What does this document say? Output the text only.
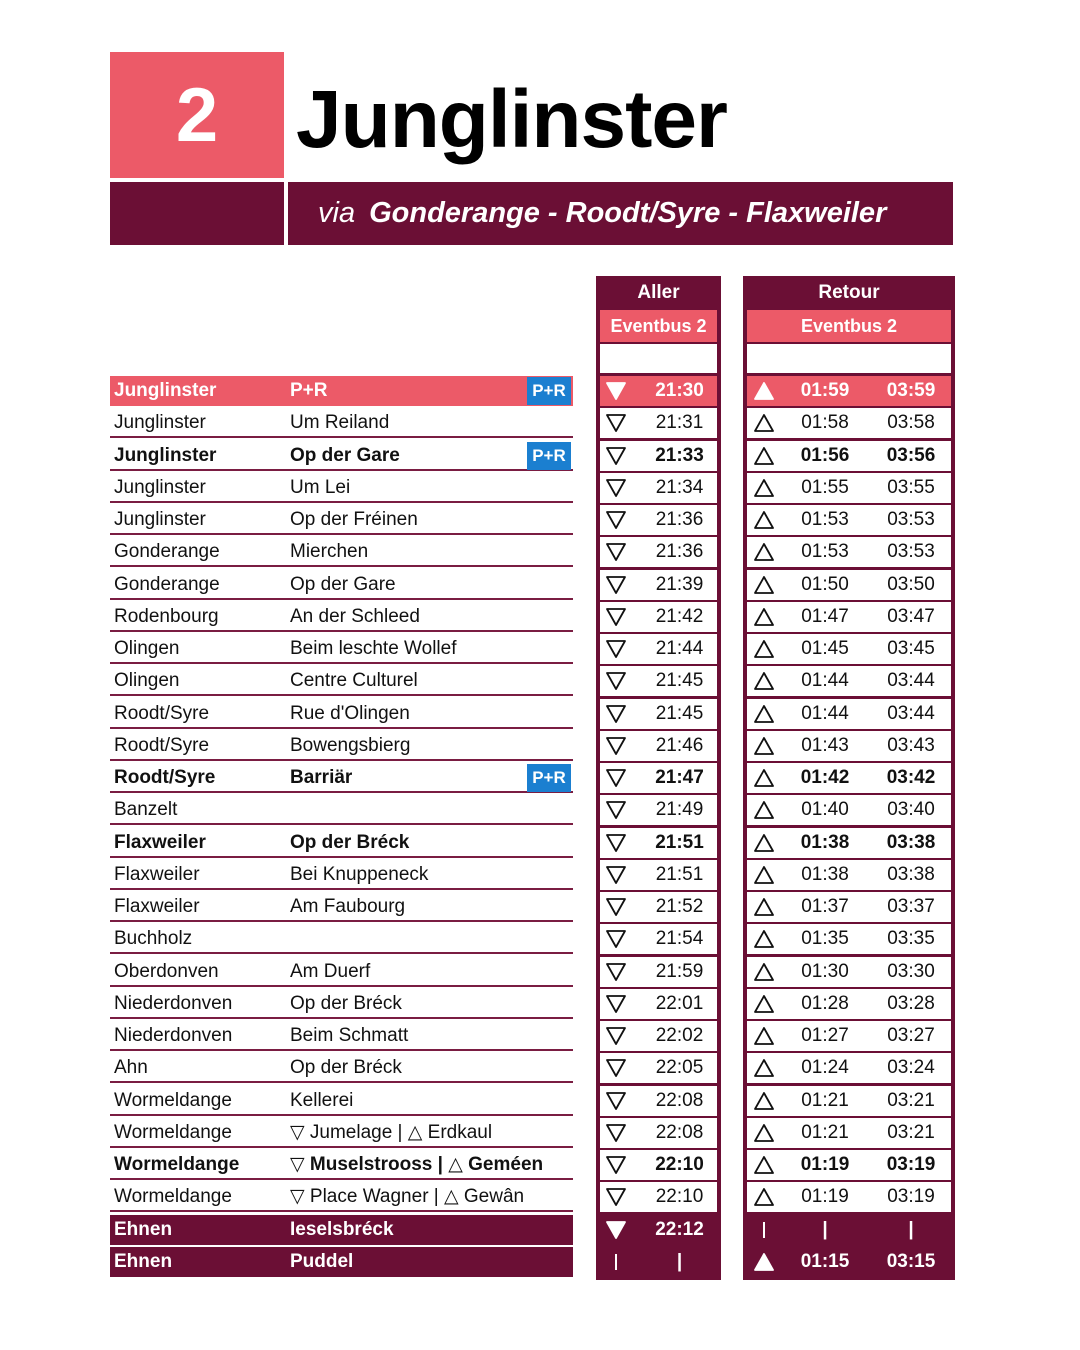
2 Junglinster
via Gonderange - Roodt/Syre - Flaxweiler
Aller
Eventbus 2
Retour
Eventbus 2
Junglinster	P+R	P+R	21:30	01:59	03:59
Junglinster	Um Reiland	21:31	01:58	03:58
Junglinster	Op der Gare	P+R	21:33	01:56	03:56
Junglinster	Um Lei	21:34	01:55	03:55
Junglinster	Op der Fréinen	21:36	01:53	03:53
Gonderange	Mierchen	21:36	01:53	03:53
Gonderange	Op der Gare	21:39	01:50	03:50
Rodenbourg	An der Schleed	21:42	01:47	03:47
Olingen	Beim leschte Wollef	21:44	01:45	03:45
Olingen	Centre Culturel	21:45	01:44	03:44
Roodt/Syre	Rue d'Olingen	21:45	01:44	03:44
Roodt/Syre	Bowengsbierg	21:46	01:43	03:43
Roodt/Syre	Barriär	P+R	21:47	01:42	03:42
Banzelt	21:49	01:40	03:40
Flaxweiler	Op der Bréck	21:51	01:38	03:38
Flaxweiler	Bei Knuppeneck	21:51	01:38	03:38
Flaxweiler	Am Faubourg	21:52	01:37	03:37
Buchholz	21:54	01:35	03:35
Oberdonven	Am Duerf	21:59	01:30	03:30
Niederdonven	Op der Bréck	22:01	01:28	03:28
Niederdonven	Beim Schmatt	22:02	01:27	03:27
Ahn	Op der Bréck	22:05	01:24	03:24
Wormeldange	Kellerei	22:08	01:21	03:21
Wormeldange	▽ Jumelage | △ Erdkaul	22:08	01:21	03:21
Wormeldange	▽ Muselstrooss | △ Geméen	22:10	01:19	03:19
Wormeldange	▽ Place Wagner | △ Gewân	22:10	01:19	03:19
Ehnen	Ieselsbréck	22:12	|	|
Ehnen	Puddel	|	01:15	03:15
